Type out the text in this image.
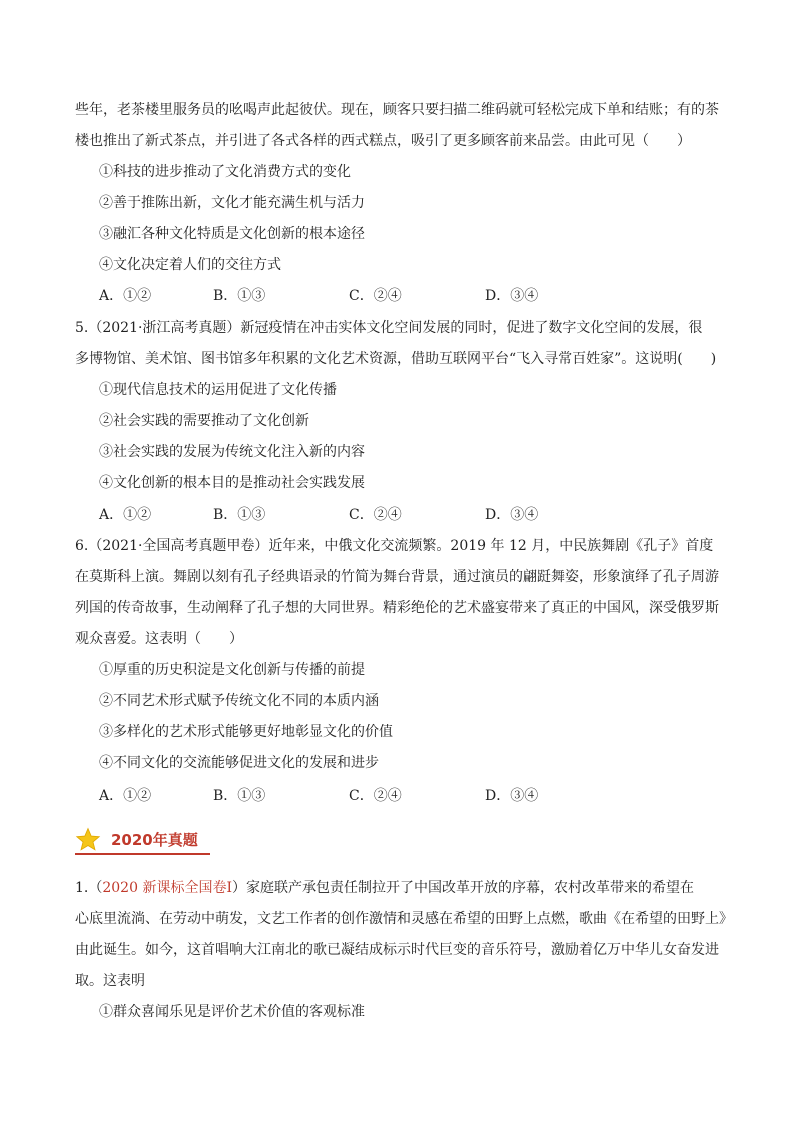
些年，老茶楼里服务员的吆喝声此起彼伏。现在，顾客只要扫描二维码就可轻松完成下单和结账；有的茶
楼也推出了新式茶点，并引进了各式各样的西式糕点，吸引了更多顾客前来品尝。由此可见（　　）
①科技的进步推动了文化消费方式的变化
②善于推陈出新，文化才能充满生机与活力
③融汇各种文化特质是文化创新的根本途径
④文化决定着人们的交往方式
A．①②	B．①③	C．②④	D．③④
5.（2021·浙江高考真题）新冠疫情在冲击实体文化空间发展的同时，促进了数字文化空间的发展，很
多博物馆、美术馆、图书馆多年积累的文化艺术资源，借助互联网平台“飞入寻常百姓家”。这说明(　　)
①现代信息技术的运用促进了文化传播
②社会实践的需要推动了文化创新
③社会实践的发展为传统文化注入新的内容
④文化创新的根本目的是推动社会实践发展
A．①②	B．①③	C．②④	D．③④
6.（2021·全国高考真题甲卷）近年来，中俄文化交流频繁。2019 年 12 月，中民族舞剧《孔子》首度
在莫斯科上演。舞剧以刻有孔子经典语录的竹简为舞台背景，通过演员的翩跹舞姿，形象演绎了孔子周游
列国的传奇故事，生动阐释了孔子想的大同世界。精彩绝伦的艺术盛宴带来了真正的中国风，深受俄罗斯
观众喜爱。这表明（　　）
①厚重的历史积淀是文化创新与传播的前提
②不同艺术形式赋予传统文化不同的本质内涵
③多样化的艺术形式能够更好地彰显文化的价值
④不同文化的交流能够促进文化的发展和进步
A．①②	B．①③	C．②④	D．③④
2020年真题
1.（2020 新课标全国卷Ⅰ）家庭联产承包责任制拉开了中国改革开放的序幕，农村改革带来的希望在
心底里流淌、在劳动中萌发，文艺工作者的创作激情和灵感在希望的田野上点燃，歌曲《在希望的田野上》
由此诞生。如今，这首唱响大江南北的歌已凝结成标示时代巨变的音乐符号，激励着亿万中华儿女奋发进
取。这表明
①群众喜闻乐见是评价艺术价值的客观标准
